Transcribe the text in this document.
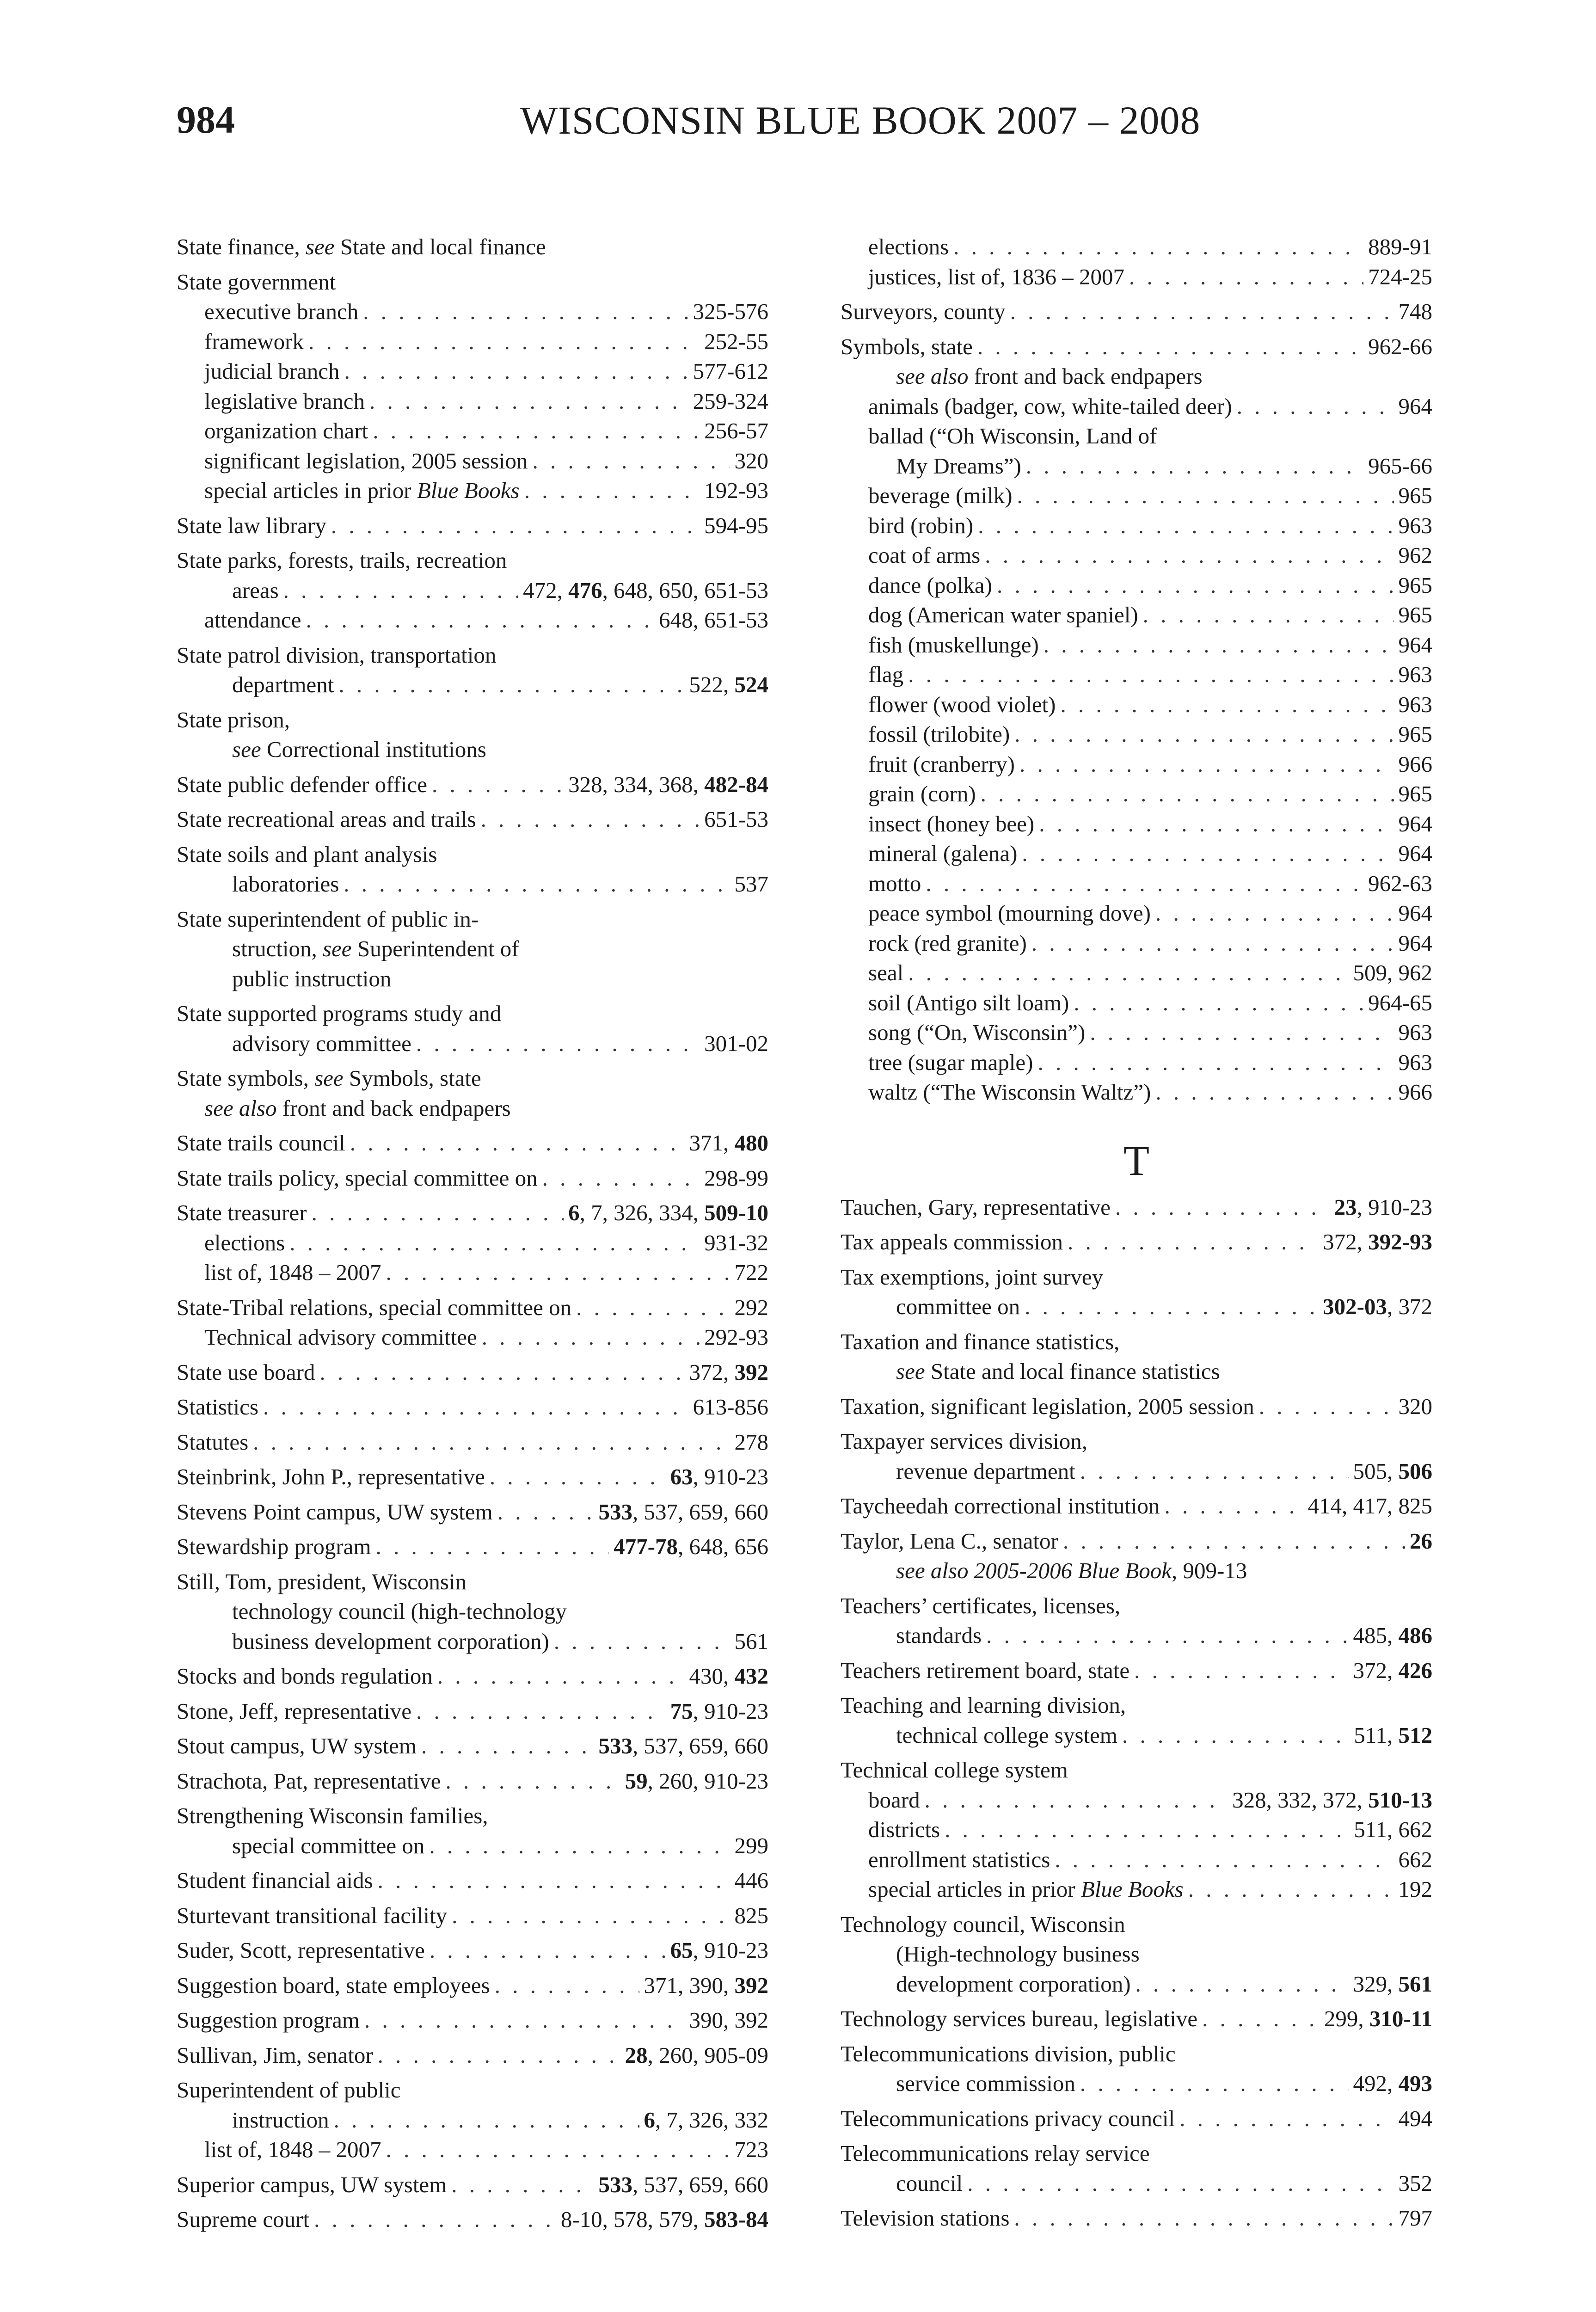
984	WISCONSIN BLUE BOOK 2007 – 2008
State finance, see State and local finance
State government
executive branch . . .	325-576
framework . . .	252-55
judicial branch . . .	577-612
legislative branch . . .	259-324
organization chart . . .	256-57
significant legislation, 2005 session . . .	320
special articles in prior Blue Books . . .	192-93
State law library . . .	594-95
State parks, forests, trails, recreation
areas . . .	472, 476, 648, 650, 651-53
attendance . . .	648, 651-53
State patrol division, transportation
department . . .	522, 524
State prison,
see Correctional institutions
State public defender office . . .	328, 334, 368, 482-84
State recreational areas and trails . . .	651-53
State soils and plant analysis
laboratories . . .	537
State superintendent of public in-
struction, see Superintendent of
public instruction
State supported programs study and
advisory committee . . .	301-02
State symbols, see Symbols, state
see also front and back endpapers
State trails council . . .	371, 480
State trails policy, special committee on . . .	298-99
State treasurer . . .	6, 7, 326, 334, 509-10
elections . . .	931-32
list of, 1848 – 2007 . . .	722
State-Tribal relations, special committee on . . .	292
Technical advisory committee . . .	292-93
State use board . . .	372, 392
Statistics . . .	613-856
Statutes . . .	278
Steinbrink, John P., representative . . .	63, 910-23
Stevens Point campus, UW system . . .	533, 537, 659, 660
Stewardship program . . .	477-78, 648, 656
Still, Tom, president, Wisconsin
technology council (high-technology
business development corporation) . . .	561
Stocks and bonds regulation . . .	430, 432
Stone, Jeff, representative . . .	75, 910-23
Stout campus, UW system . . .	533, 537, 659, 660
Strachota, Pat, representative . . .	59, 260, 910-23
Strengthening Wisconsin families,
special committee on . . .	299
Student financial aids . . .	446
Sturtevant transitional facility . . .	825
Suder, Scott, representative . . .	65, 910-23
Suggestion board, state employees . . .	371, 390, 392
Suggestion program . . .	390, 392
Sullivan, Jim, senator . . .	28, 260, 905-09
Superintendent of public
instruction . . .	6, 7, 326, 332
list of, 1848 – 2007 . . .	723
Superior campus, UW system . . .	533, 537, 659, 660
Supreme court . . .	8-10, 578, 579, 583-84
elections . . .	889-91
justices, list of, 1836 – 2007 . . .	724-25
Surveyors, county . . .	748
Symbols, state . . .	962-66
see also front and back endpapers
animals (badger, cow, white-tailed deer) . . .	964
ballad (“Oh Wisconsin, Land of
My Dreams”) . . .	965-66
beverage (milk) . . .	965
bird (robin) . . .	963
coat of arms . . .	962
dance (polka) . . .	965
dog (American water spaniel) . . .	965
fish (muskellunge) . . .	964
flag . . .	963
flower (wood violet) . . .	963
fossil (trilobite) . . .	965
fruit (cranberry) . . .	966
grain (corn) . . .	965
insect (honey bee) . . .	964
mineral (galena) . . .	964
motto . . .	962-63
peace symbol (mourning dove) . . .	964
rock (red granite) . . .	964
seal . . .	509, 962
soil (Antigo silt loam) . . .	964-65
song (“On, Wisconsin”) . . .	963
tree (sugar maple) . . .	963
waltz (“The Wisconsin Waltz”) . . .	966
T
Tauchen, Gary, representative . . .	23, 910-23
Tax appeals commission . . .	372, 392-93
Tax exemptions, joint survey
committee on . . .	302-03, 372
Taxation and finance statistics,
see State and local finance statistics
Taxation, significant legislation, 2005 session . . .	320
Taxpayer services division,
revenue department . . .	505, 506
Taycheedah correctional institution . . .	414, 417, 825
Taylor, Lena C., senator . . .	26
see also 2005-2006 Blue Book, 909-13
Teachers’ certificates, licenses,
standards . . .	485, 486
Teachers retirement board, state . . .	372, 426
Teaching and learning division,
technical college system . . .	511, 512
Technical college system
board . . .	328, 332, 372, 510-13
districts . . .	511, 662
enrollment statistics . . .	662
special articles in prior Blue Books . . .	192
Technology council, Wisconsin
(High-technology business
development corporation) . . .	329, 561
Technology services bureau, legislative . . .	299, 310-11
Telecommunications division, public
service commission . . .	492, 493
Telecommunications privacy council . . .	494
Telecommunications relay service
council . . .	352
Television stations . . .	797
